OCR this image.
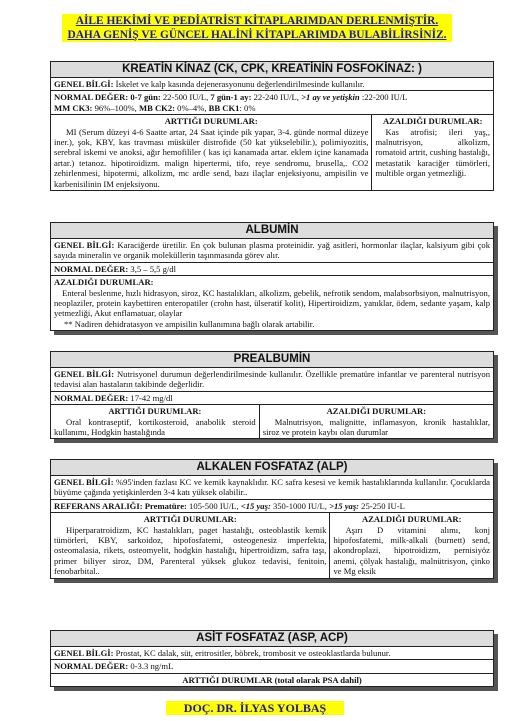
AİLE HEKİMİ VE PEDİATRİST KİTAPLARIMDAN DERLENMİŞTİR.
DAHA GENİŞ VE GÜNCEL HALİNİ KİTAPLARIMDA BULABİLİRSİNİZ.
KREATİN KİNAZ (CK, CPK, KREATİNİN FOSFOKİNAZ: )
GENEL BİLGİ: İskelet ve kalp kasında dejenerasyonunu değerlendirilmesinde kullanılır.
NORMAL DEĞER: 0-7 gün: 22-500 IU/L, 7 gün-1 ay: 22-240 IU/L, >1 ay ve yetişkin :22-200 IU/L
MM CK3: 96%–100%, MB CK2: 0%–4%, BB CK1: 0%
ARTTIĞI DURUMLAR:
MI (Serum düzeyi 4-6 Saatte artar, 24 Saat içinde pik yapar, 3-4. günde normal düzeye iner.), şok, KBY, kas travması müsküler distrofide (50 kat yükselebilir.), polimiyozitis, serebral iskemi ve anoksi, ağır hemofililer ( kas içi kanamada artar. eklem içine kanamada artar.) tetanoz. hipotiroidizm. malign hipertermi, tifo, reye sendromu, brusella,. CO2 zehirlenmesi, hipotermi, alkolizm, mc ardle send, bazı ilaçlar enjeksiyonu, ampisilin ve karbenisilinin IM enjeksiyonu.
AZALDIĞI DURUMLAR:
Kas atrofisi; ileri yaş,, malnutrisyon, alkolizm, romatoid artrit, cushing hastalığı, metastatik karaciğer tümörleri, multible organ yetmezliği.
ALBUMİN
GENEL BİLGİ: Karaciğerde üretilir. En çok bulunan plasma proteinidir. yağ asitleri, hormonlar ilaçlar, kalsiyum gibi çok sayıda mineralin ve organik moleküllerin taşınmasında görev alır.
NORMAL DEĞER: 3,5 – 5,5 g/dl
AZALDIĞI DURUMLAR:
Enteral beslenme, hızlı hidrasyon, siroz, KC hastalıkları, alkolizm, gebelik, nefrotik sendom, malabsorbsiyon, malnutrisyon, neoplaziler, protein kaybettiren enteropatiler (crohn hast, ülseratif kolit), Hipertiroidizm, yanıklar, ödem, sedante yaşam, kalp yetmezliği, Akut enflamatuar, olaylar
** Nadiren dehidratasyon ve ampisilin kullanımına bağlı olarak artabilir.
PREALBUMİN
GENEL BİLGİ: Nutrisyonel durumun değerlendirilmesinde kullanılır. Özellikle prematüre infantlar ve parenteral nutrisyon tedavisi alan hastaların takibinde değerlidir.
NORMAL DEĞER: 17-42 mg/dl
ARTTIĞI DURUMLAR:
Oral kontraseptif, kortikosteroid, anabolik steroid kullanımı, Hodgkin hastalığında
AZALDIĞI DURUMLAR:
Malnutrisyon, malignitte, inflamasyon, kronik hastalıklar, siroz ve protein kaybı olan durumlar
ALKALEN FOSFATAZ (ALP)
GENEL BİLGİ: %95'inden fazlası KC ve kemik kaynaklıdır. KC safra kesesi ve kemik hastalıklarında kullanılır. Çocuklarda büyüme çağında yetişkinlerden 3-4 katı yüksek olabilir..
REFERANS ARALIĞI: Prematüre: 105-500 IU/L, <15 yaş: 350-1000 IU/L, >15 yaş: 25-250 IU-L
ARTTIĞI DURUMLAR:
Hiperparatroidizm, KC hastalıkları, paget hastalığı, osteoblastik kemik tümörleri, KBY, sarkoidoz, hipofosfatemi, osteogenesiz imperfekta, osteomalasia, rikets, osteomyelit, hodgkin hastalığı, hipertroidizm, safra taşı, primer biliyer siroz, DM, Parenteral yüksek glukoz tedavisi, fenitoin, fenobarbital..
AZALDIĞI DURUMLAR:
Aşırı D vitamini alımı, konj hipofosfatemi, milk-alkali (burnett) send, akondroplazi, hipotroidizm, pernisiyöz anemi, çölyak hastalığı, malnütrisyon, çinko ve Mg eksik
ASİT FOSFATAZ (ASP, ACP)
GENEL BİLGİ: Prostat, KC dalak, süt, eritrositler, böbrek, trombosit ve osteoklastlarda bulunur.
NORMAL DEĞER: 0-3.3 ng/mL
ARTTIĞI DURUMLAR (total olarak PSA dahil)
DOÇ. DR. İLYAS YOLBAŞ
